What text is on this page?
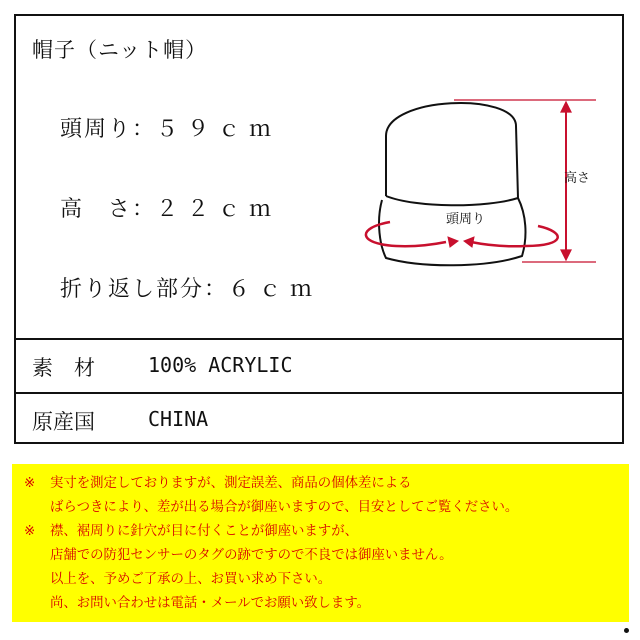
帽子（ニット帽）
頭周り：５９ｃｍ
高　さ：２２ｃｍ
折り返し部分：６ｃｍ
高さ
頭周り
素　材	100% ACRYLIC
原産国	CHINA
※ 実寸を測定しておりますが、測定誤差、商品の個体差による
ばらつきにより、差が出る場合が御座いますので、目安としてご覧ください。
※ 襟、裾周りに針穴が目に付くことが御座いますが、
店舗での防犯センサーのタグの跡ですので不良では御座いません。
以上を、予めご了承の上、お買い求め下さい。
尚、お問い合わせは電話・メールでお願い致します。
